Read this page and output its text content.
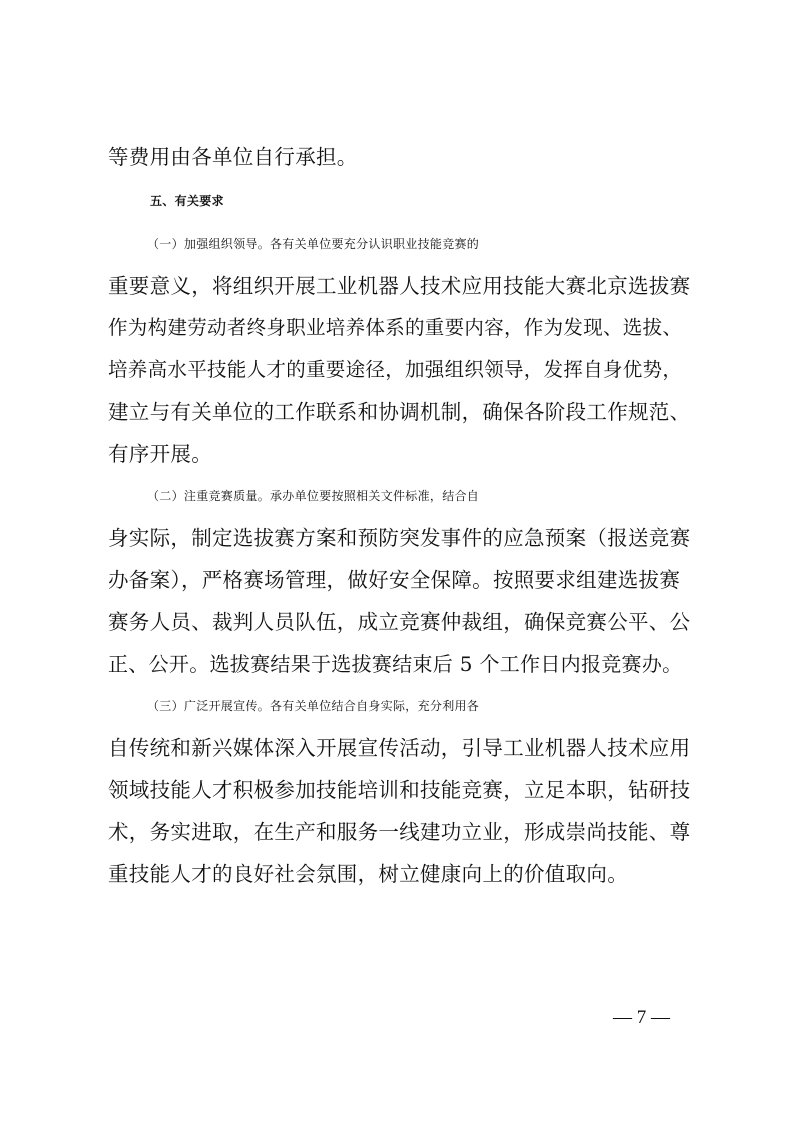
等费用由各单位自行承担。
五、有关要求
（一）加强组织领导。各有关单位要充分认识职业技能竞赛的
重要意义，将组织开展工业机器人技术应用技能大赛北京选拔赛
作为构建劳动者终身职业培养体系的重要内容，作为发现、选拔、
培养高水平技能人才的重要途径，加强组织领导，发挥自身优势，
建立与有关单位的工作联系和协调机制，确保各阶段工作规范、
有序开展。
（二）注重竞赛质量。承办单位要按照相关文件标准，结合自
身实际，制定选拔赛方案和预防突发事件的应急预案（报送竞赛
办备案），严格赛场管理，做好安全保障。按照要求组建选拔赛
赛务人员、裁判人员队伍，成立竞赛仲裁组，确保竞赛公平、公
正、公开。选拔赛结果于选拔赛结束后 5 个工作日内报竞赛办。
（三）广泛开展宣传。各有关单位结合自身实际，充分利用各
自传统和新兴媒体深入开展宣传活动，引导工业机器人技术应用
领域技能人才积极参加技能培训和技能竞赛，立足本职，钻研技
术，务实进取，在生产和服务一线建功立业，形成崇尚技能、尊
重技能人才的良好社会氛围，树立健康向上的价值取向。
— 7 —
